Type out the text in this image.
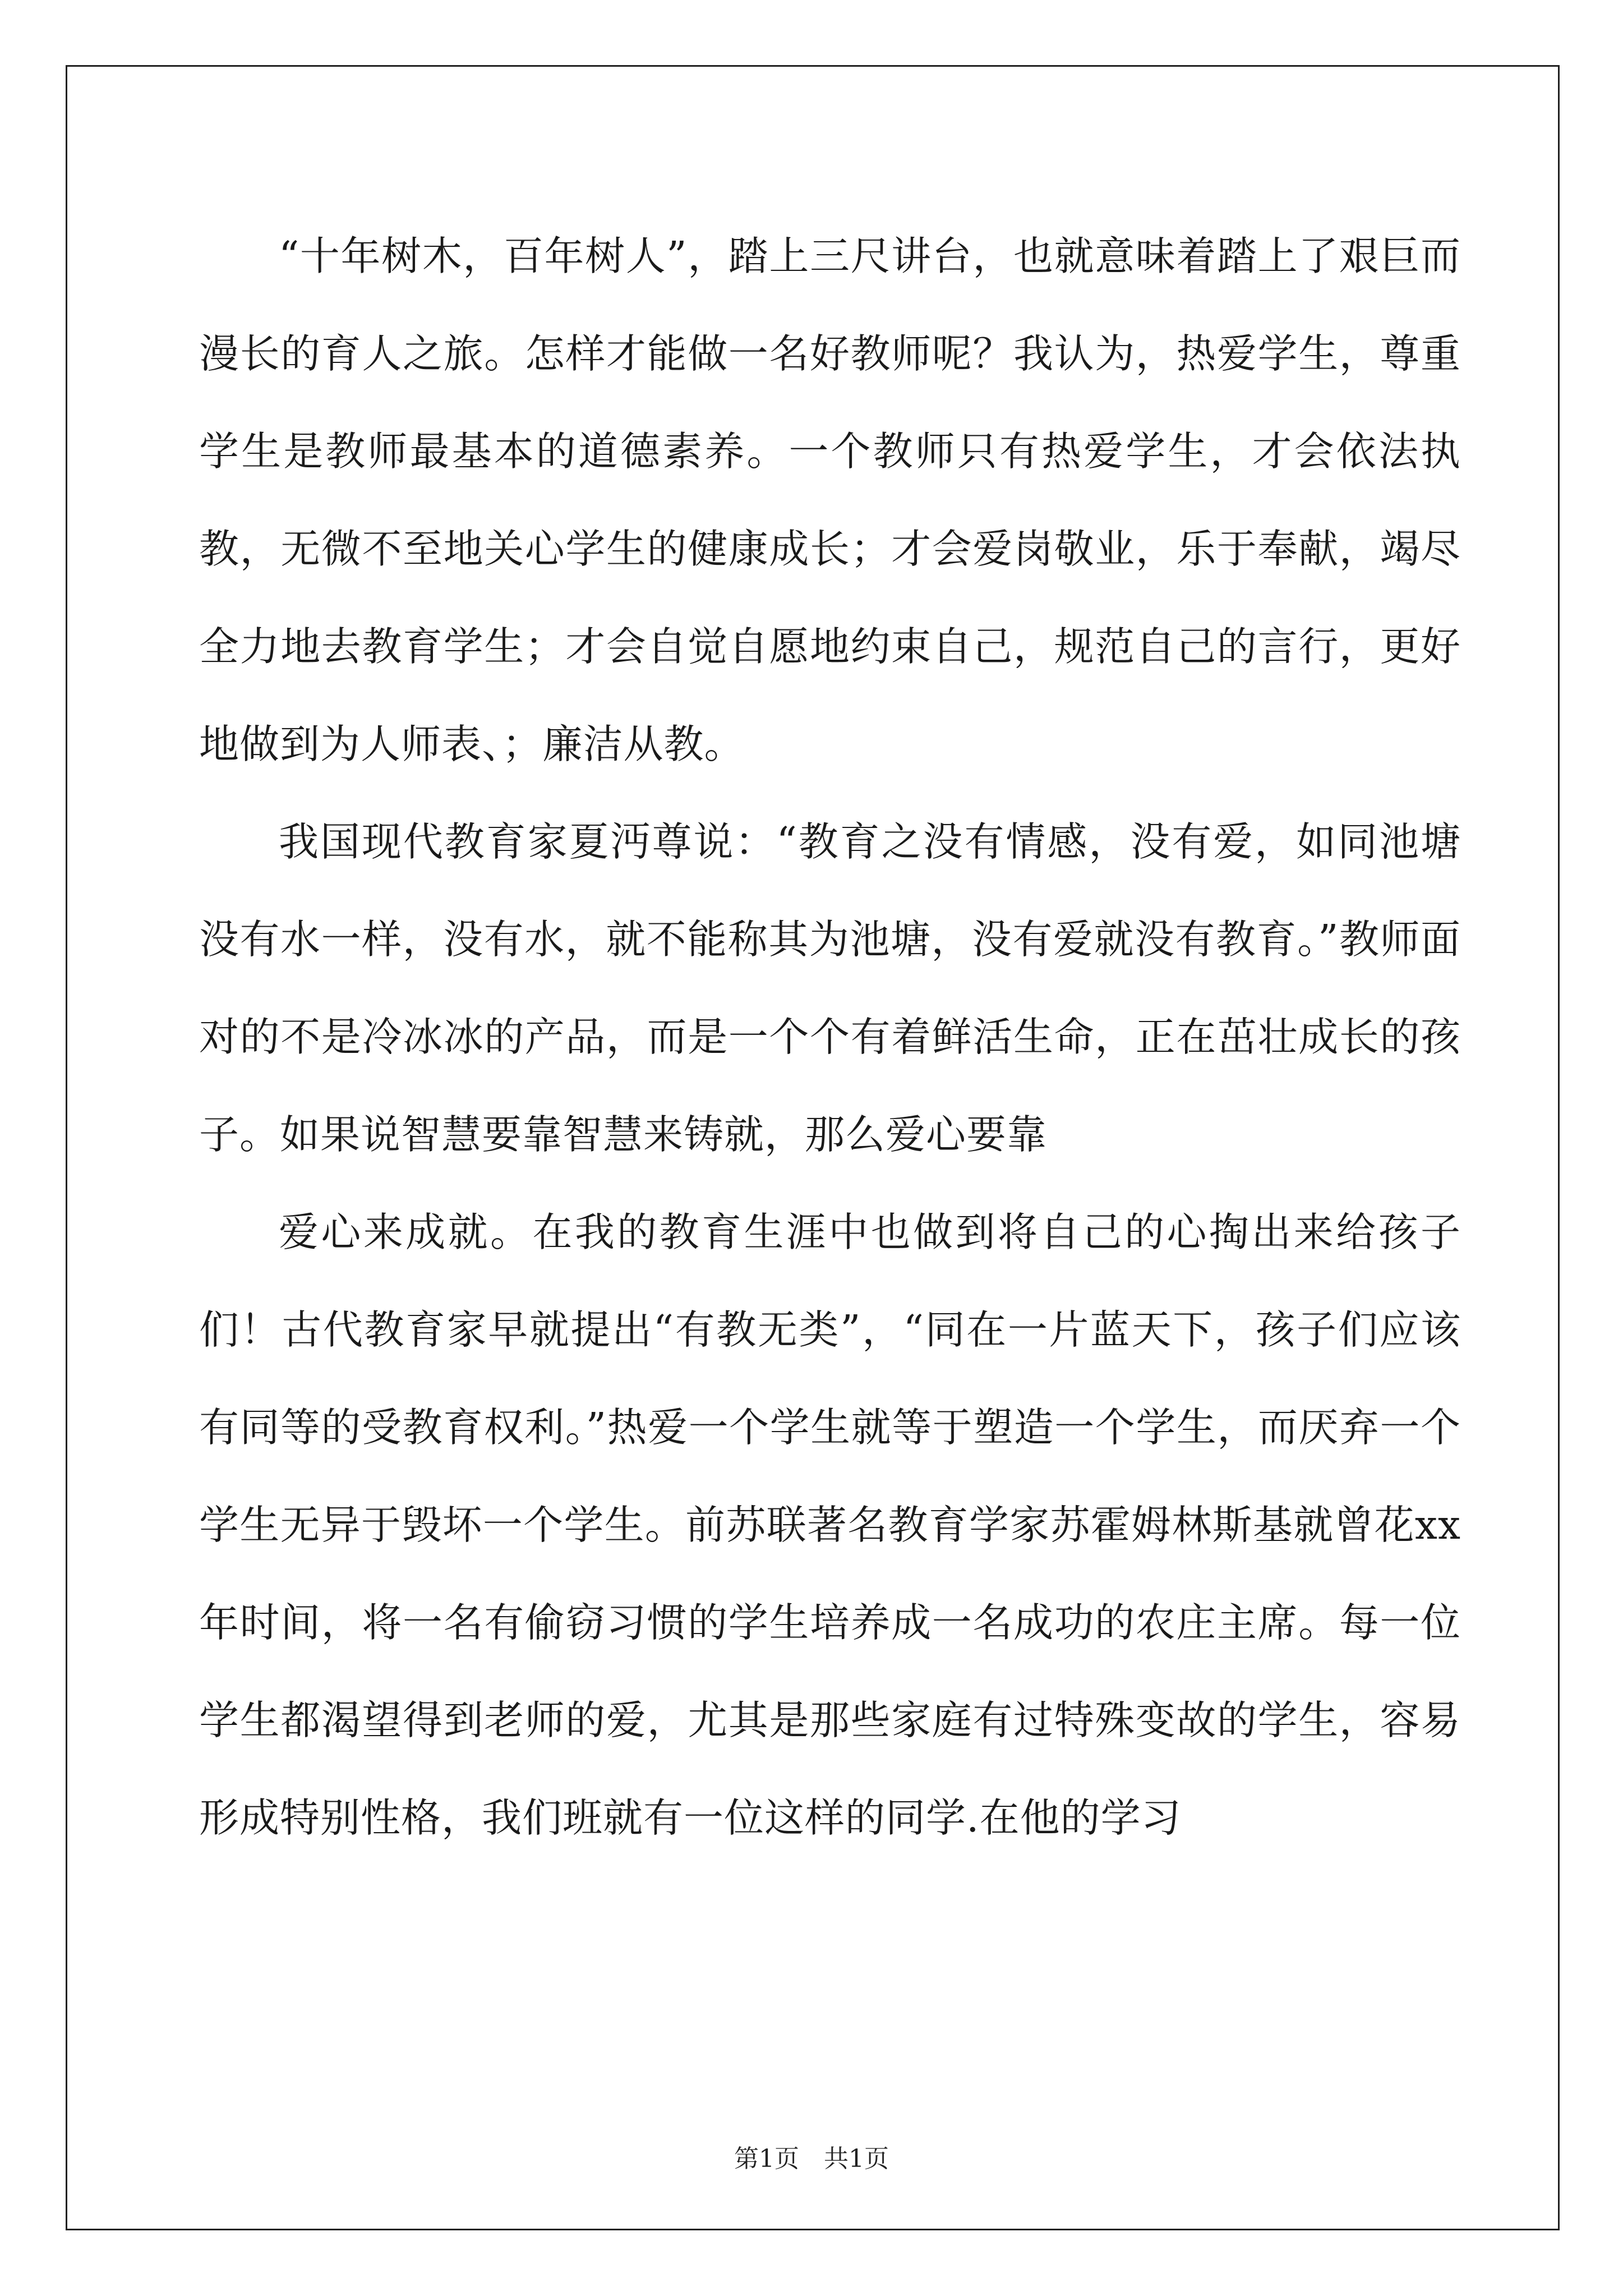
“十年树木，百年树人”，踏上三尺讲台，也就意味着踏上了艰巨而漫长的育人之旅。怎样才能做一名好教师呢？我认为，热爱学生，尊重学生是教师最基本的道德素养。一个教师只有热爱学生，才会依法执教，无微不至地关心学生的健康成长；才会爱岗敬业，乐于奉献，竭尽全力地去教育学生；才会自觉自愿地约束自己，规范自己的言行，更好地做到为人师表、；廉洁从教。

我国现代教育家夏沔尊说：“教育之没有情感，没有爱，如同池塘没有水一样，没有水，就不能称其为池塘，没有爱就没有教育。”教师面对的不是冷冰冰的产品，而是一个个有着鲜活生命，正在茁壮成长的孩子。如果说智慧要靠智慧来铸就，那么爱心要靠

爱心来成就。在我的教育生涯中也做到将自己的心掏出来给孩子们！古代教育家早就提出“有教无类”，“同在一片蓝天下，孩子们应该有同等的受教育权利。”热爱一个学生就等于塑造一个学生，而厌弃一个学生无异于毁坏一个学生。前苏联著名教育学家苏霍姆林斯基就曾花xx年时间，将一名有偷窃习惯的学生培养成一名成功的农庄主席。每一位学生都渴望得到老师的爱，尤其是那些家庭有过特殊变故的学生，容易形成特别性格，我们班就有一位这样的同学.在他的学习

第1页　共1页
